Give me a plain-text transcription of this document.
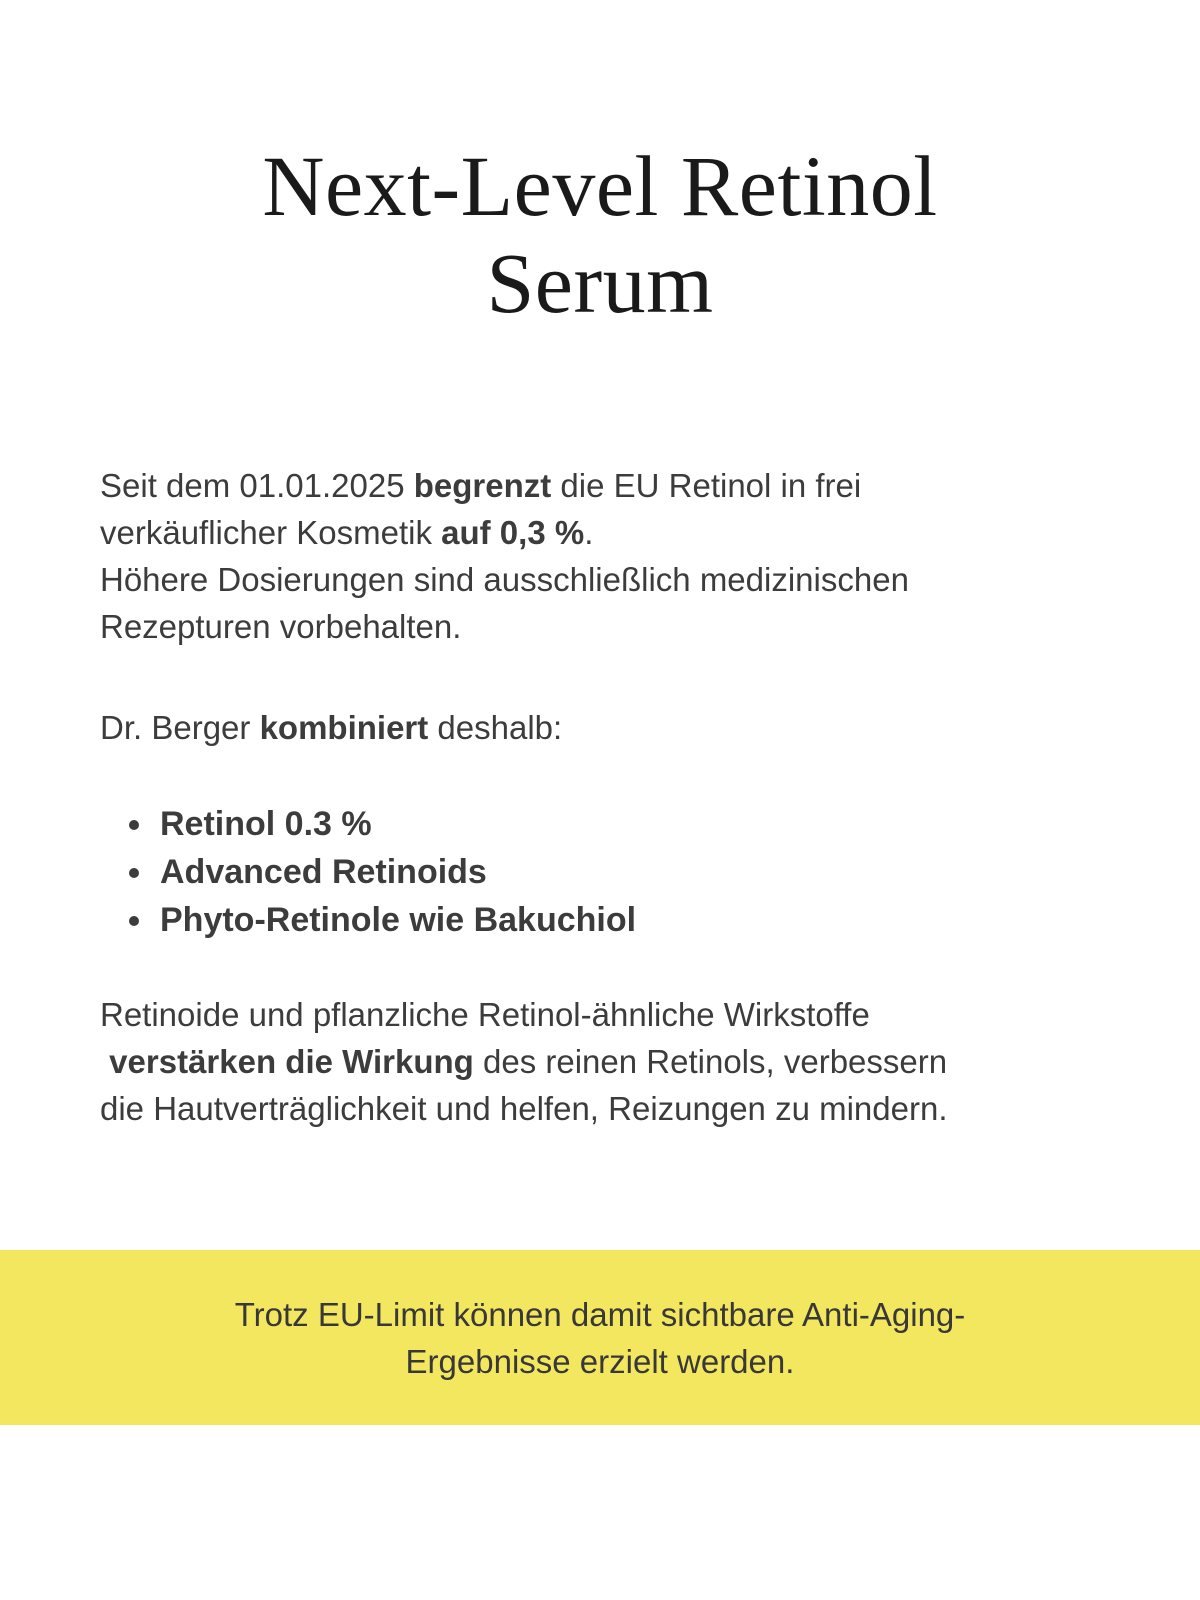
Next-Level Retinol
Serum
Seit dem 01.01.2025 begrenzt die EU Retinol in frei
verkäuflicher Kosmetik auf 0,3 %.
Höhere Dosierungen sind ausschließlich medizinischen
Rezepturen vorbehalten.
Dr. Berger kombiniert deshalb:
• Retinol 0.3 %
• Advanced Retinoids
• Phyto-Retinole wie Bakuchiol
Retinoide und pflanzliche Retinol-ähnliche Wirkstoffe
verstärken die Wirkung des reinen Retinols, verbessern
die Hautverträglichkeit und helfen, Reizungen zu mindern.
Trotz EU-Limit können damit sichtbare Anti-Aging-
Ergebnisse erzielt werden.
